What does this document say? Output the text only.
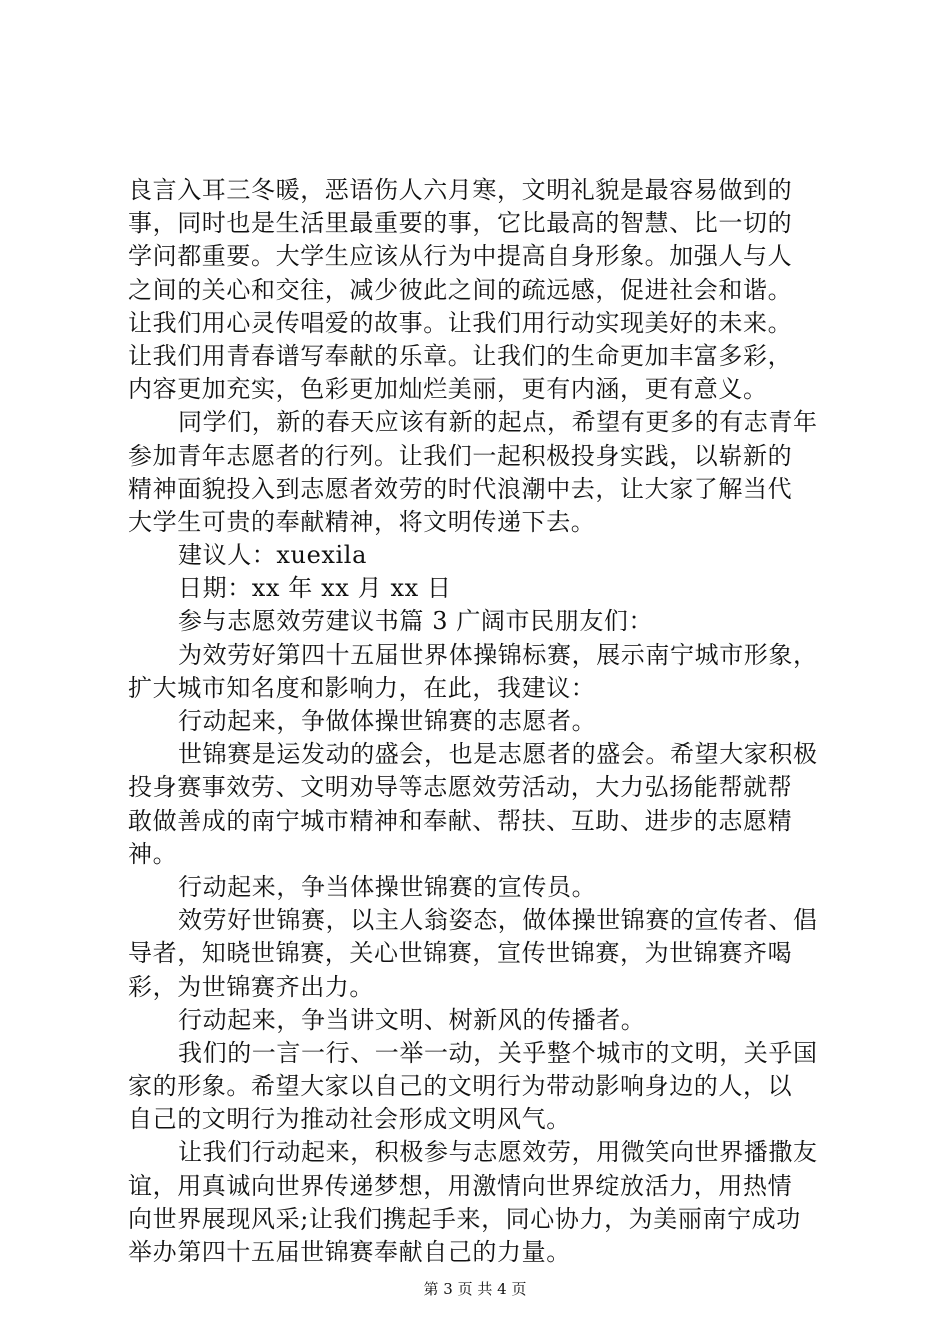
良言入耳三冬暖，恶语伤人六月寒，文明礼貌是最容易做到的
事，同时也是生活里最重要的事，它比最高的智慧、比一切的
学问都重要。大学生应该从行为中提高自身形象。加强人与人
之间的关心和交往，减少彼此之间的疏远感，促进社会和谐。
让我们用心灵传唱爱的故事。让我们用行动实现美好的未来。
让我们用青春谱写奉献的乐章。让我们的生命更加丰富多彩，
内容更加充实，色彩更加灿烂美丽，更有内涵，更有意义。
同学们，新的春天应该有新的起点，希望有更多的有志青年
参加青年志愿者的行列。让我们一起积极投身实践，以崭新的
精神面貌投入到志愿者效劳的时代浪潮中去，让大家了解当代
大学生可贵的奉献精神，将文明传递下去。
建议人：xuexila
日期：xx 年 xx 月 xx 日
参与志愿效劳建议书篇 3 广阔市民朋友们：
为效劳好第四十五届世界体操锦标赛，展示南宁城市形象，
扩大城市知名度和影响力，在此，我建议：
行动起来，争做体操世锦赛的志愿者。
世锦赛是运发动的盛会，也是志愿者的盛会。希望大家积极
投身赛事效劳、文明劝导等志愿效劳活动，大力弘扬能帮就帮
敢做善成的南宁城市精神和奉献、帮扶、互助、进步的志愿精
神。
行动起来，争当体操世锦赛的宣传员。
效劳好世锦赛，以主人翁姿态，做体操世锦赛的宣传者、倡
导者，知晓世锦赛，关心世锦赛，宣传世锦赛，为世锦赛齐喝
彩，为世锦赛齐出力。
行动起来，争当讲文明、树新风的传播者。
我们的一言一行、一举一动，关乎整个城市的文明，关乎国
家的形象。希望大家以自己的文明行为带动影响身边的人，以
自己的文明行为推动社会形成文明风气。
让我们行动起来，积极参与志愿效劳，用微笑向世界播撒友
谊，用真诚向世界传递梦想，用激情向世界绽放活力，用热情
向世界展现风采;让我们携起手来，同心协力，为美丽南宁成功
举办第四十五届世锦赛奉献自己的力量。
第 3 页 共 4 页
